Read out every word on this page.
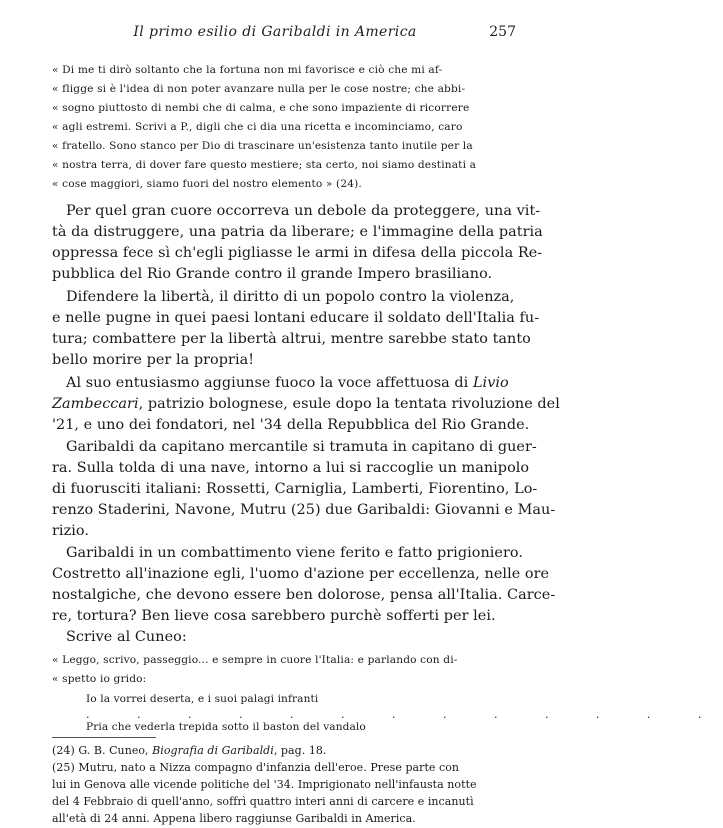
Il primo esilio di Garibaldi in America	257
« Di me ti dirò soltanto che la fortuna non mi favorisce e ciò che mi af-
« fligge si è l'idea di non poter avanzare nulla per le cose nostre; che abbi-
« sogno piuttosto di nembi che di calma, e che sono impaziente di ricorrere
« agli estremi. Scrivi a P., digli che ci dia una ricetta e incominciamo, caro
« fratello. Sono stanco per Dio di trascinare un'esistenza tanto inutile per la
« nostra terra, di dover fare questo mestiere; sta certo, noi siamo destinati a
« cose maggiori, siamo fuori del nostro elemento » (24).
Per quel gran cuore occorreva un debole da proteggere, una vit-
tà da distruggere, una patria da liberare; e l'immagine della patria
oppressa fece sì ch'egli pigliasse le armi in difesa della piccola Re-
pubblica del Rio Grande contro il grande Impero brasiliano.
Difendere la libertà, il diritto di un popolo contro la violenza,
e nelle pugne in quei paesi lontani educare il soldato dell'Italia fu-
tura; combattere per la libertà altrui, mentre sarebbe stato tanto
bello morire per la propria!
Al suo entusiasmo aggiunse fuoco la voce affettuosa di Livio
Zambeccari, patrizio bolognese, esule dopo la tentata rivoluzione del
'21, e uno dei fondatori, nel '34 della Repubblica del Rio Grande.
Garibaldi da capitano mercantile si tramuta in capitano di guer-
ra. Sulla tolda di una nave, intorno a lui si raccoglie un manipolo
di fuorusciti italiani: Rossetti, Carniglia, Lamberti, Fiorentino, Lo-
renzo Staderini, Navone, Mutru (25) due Garibaldi: Giovanni e Mau-
rizio.
Garibaldi in un combattimento viene ferito e fatto prigioniero.
Costretto all'inazione egli, l'uomo d'azione per eccellenza, nelle ore
nostalgiche, che devono essere ben dolorose, pensa all'Italia. Carce-
re, tortura? Ben lieve cosa sarebbero purchè sofferti per lei.
Scrive al Cuneo:
« Leggo, scrivo, passeggio... e sempre in cuore l'Italia: e parlando con di-
« spetto io grido:
Io la vorrei deserta, e i suoi palagi infranti
. . . . . . . . . . . . .
(24) G. B. Cuneo, Biografia di Garibaldi, pag. 18.
(25) Mutru, nato a Nizza compagno d'infanzia dell'eroe. Prese parte con
lui in Genova alle vicende politiche del '34. Imprigionato nell'infausta notte
del 4 Febbraio di quell'anno, soffrì quattro interi anni di carcere e incanutì
all'età di 24 anni. Appena libero raggiunse Garibaldi in America.
Pria che vederla trepida sotto il baston del vandalo
